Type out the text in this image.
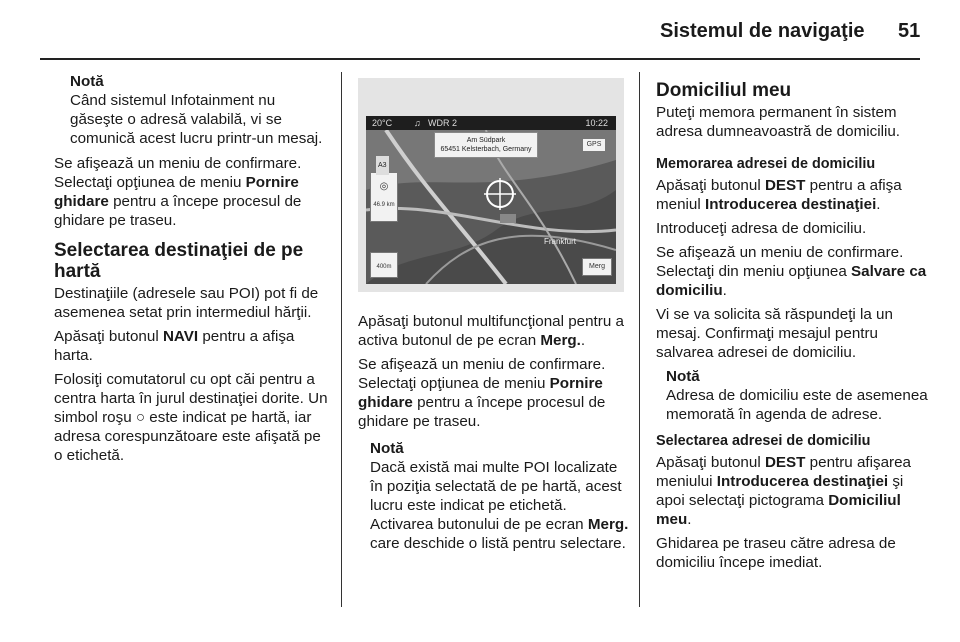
Sistemul de navigaţie 51
Notă
Când sistemul Infotainment nu găseşte o adresă valabilă, vi se comunică acest lucru printr-un mesaj.

Se afişează un meniu de confirmare. Selectaţi opţiunea de meniu Pornire ghidare pentru a începe procesul de ghidare pe traseu.

Selectarea destinaţiei de pe hartă

Destinaţiile (adresele sau POI) pot fi de asemenea setat prin intermediul hărţii.

Apăsaţi butonul NAVI pentru a afişa harta.

Folosiţi comutatorul cu opt căi pentru a centra harta în jurul destinaţiei dorite. Un simbol roşu ○ este indicat pe hartă, iar adresa corespunzătoare este afişată pe o etichetă.

20°C ♫ WDR 2	10:22
Am Südpark
65451 Kelsterbach, Germany
GPS
Merg
◎
46.9 km
400m
A3
Frankfurt

Apăsaţi butonul multifuncţional pentru a activa butonul de pe ecran Merg..

Se afişează un meniu de confirmare. Selectaţi opţiunea de meniu Pornire ghidare pentru a începe procesul de ghidare pe traseu.

Notă
Dacă există mai multe POI localizate în poziţia selectată de pe hartă, acest lucru este indicat pe etichetă. Activarea butonului de pe ecran Merg. care deschide o listă pentru selectare.
Domiciliul meu

Puteţi memora permanent în sistem adresa dumneavoastră de domiciliu.

Memorarea adresei de domiciliu

Apăsaţi butonul DEST pentru a afişa meniul Introducerea destinaţiei.

Introduceţi adresa de domiciliu.

Se afişează un meniu de confirmare. Selectaţi din meniu opţiunea Salvare ca domiciliu.

Vi se va solicita să răspundeţi la un mesaj. Confirmaţi mesajul pentru salvarea adresei de domiciliu.

Notă
Adresa de domiciliu este de asemenea memorată în agenda de adrese.
Selectarea adresei de domiciliu

Apăsaţi butonul DEST pentru afişarea meniului Introducerea destinaţiei şi apoi selectaţi pictograma Domiciliul meu.

Ghidarea pe traseu către adresa de domiciliu începe imediat.
